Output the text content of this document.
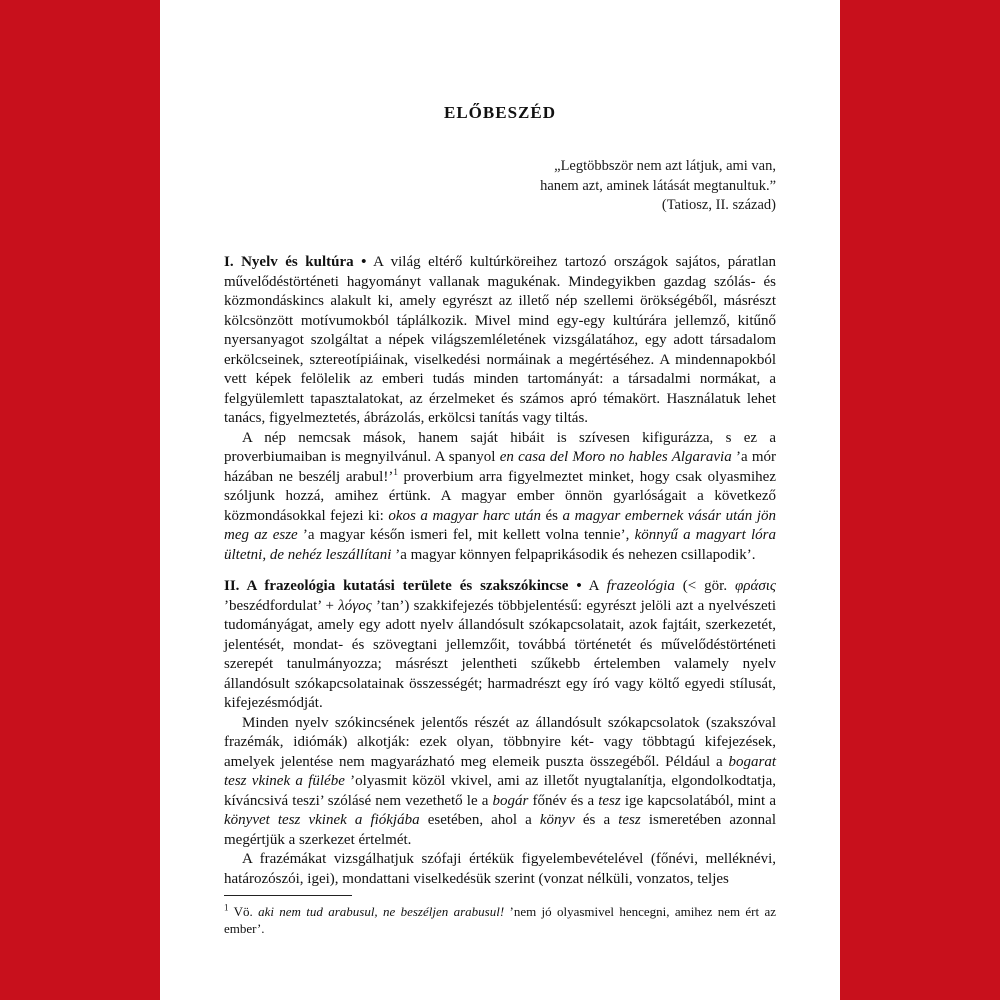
ELŐBESZÉD
„Legtöbbször nem azt látjuk, ami van,
hanem azt, aminek látását megtanultuk.”
(Tatiosz, II. század)

I. Nyelv és kultúra • A világ eltérő kultúrköreihez tartozó országok sajátos, páratlan művelődéstörténeti hagyományt vallanak magukénak. Mindegyikben gazdag szólás- és közmondáskincs alakult ki, amely egyrészt az illető nép szellemi örökségéből, másrészt kölcsönzött motívumokból táplálkozik. Mivel mind egy-egy kultúrára jellemző, kitűnő nyersanyagot szolgáltat a népek világszemléletének vizsgálatához, egy adott társadalom erkölcseinek, sztereotípiáinak, viselkedési normáinak a megértéséhez. A mindennapokból vett képek felölelik az emberi tudás minden tartományát: a társadalmi normákat, a felgyülemlett tapasztalatokat, az érzelmeket és számos apró témakört. Használatuk lehet tanács, figyelmeztetés, ábrázolás, erkölcsi tanítás vagy tiltás.

A nép nemcsak mások, hanem saját hibáit is szívesen kifigurázza, s ez a proverbiumaiban is megnyilvánul. A spanyol en casa del Moro no hables Algaravia ’a mór házában ne beszélj arabul!’$^1$ proverbium arra figyelmeztet minket, hogy csak olyasmihez szóljunk hozzá, amihez értünk. A magyar ember önnön gyarlóságait a következő közmondásokkal fejezi ki: okos a magyar harc után és a magyar embernek vásár után jön meg az esze ’a magyar későn ismeri fel, mit kellett volna tennie’, könnyű a magyart lóra ültetni, de nehéz leszállítani ’a magyar könnyen felpaprikásodik és nehezen csillapodik’.

II. A frazeológia kutatási területe és szakszókincse • A frazeológia (< gör. φράσις ’beszédfordulat’ + λόγος ’tan’) szakkifejezés többjelentésű: egyrészt jelöli azt a nyelvészeti tudományágat, amely egy adott nyelv állandósult szókapcsolatait, azok fajtáit, szerkezetét, jelentését, mondat- és szövegtani jellemzőit, továbbá történetét és művelődéstörténeti szerepét tanulmányozza; másrészt jelentheti szűkebb értelemben valamely nyelv állandósult szókapcsolatainak összességét; harmadrészt egy író vagy költő egyedi stílusát, kifejezésmódját.

Minden nyelv szókincsének jelentős részét az állandósult szókapcsolatok (szakszóval frazémák, idiómák) alkotják: ezek olyan, többnyire két- vagy többtagú kifejezések, amelyek jelentése nem magyarázható meg elemeik puszta összegéből. Például a bogarat tesz vkinek a fülébe ’olyasmit közöl vkivel, ami az illetőt nyugtalanítja, elgondolkodtatja, kíváncsivá teszi’ szólásé nem vezethető le a bogár főnév és a tesz ige kapcsolatából, mint a könyvet tesz vkinek a fiókjába esetében, ahol a könyv és a tesz ismeretében azonnal megértjük a szerkezet értelmét.

A frazémákat vizsgálhatjuk szófaji értékük figyelembevételével (főnévi, melléknévi, határozószói, igei), mondattani viselkedésük szerint (vonzat nélküli, vonzatos, teljes

$^1$ Vö. aki nem tud arabusul, ne beszéljen arabusul! ’nem jó olyasmivel hencegni, amihez nem ért az ember’.
